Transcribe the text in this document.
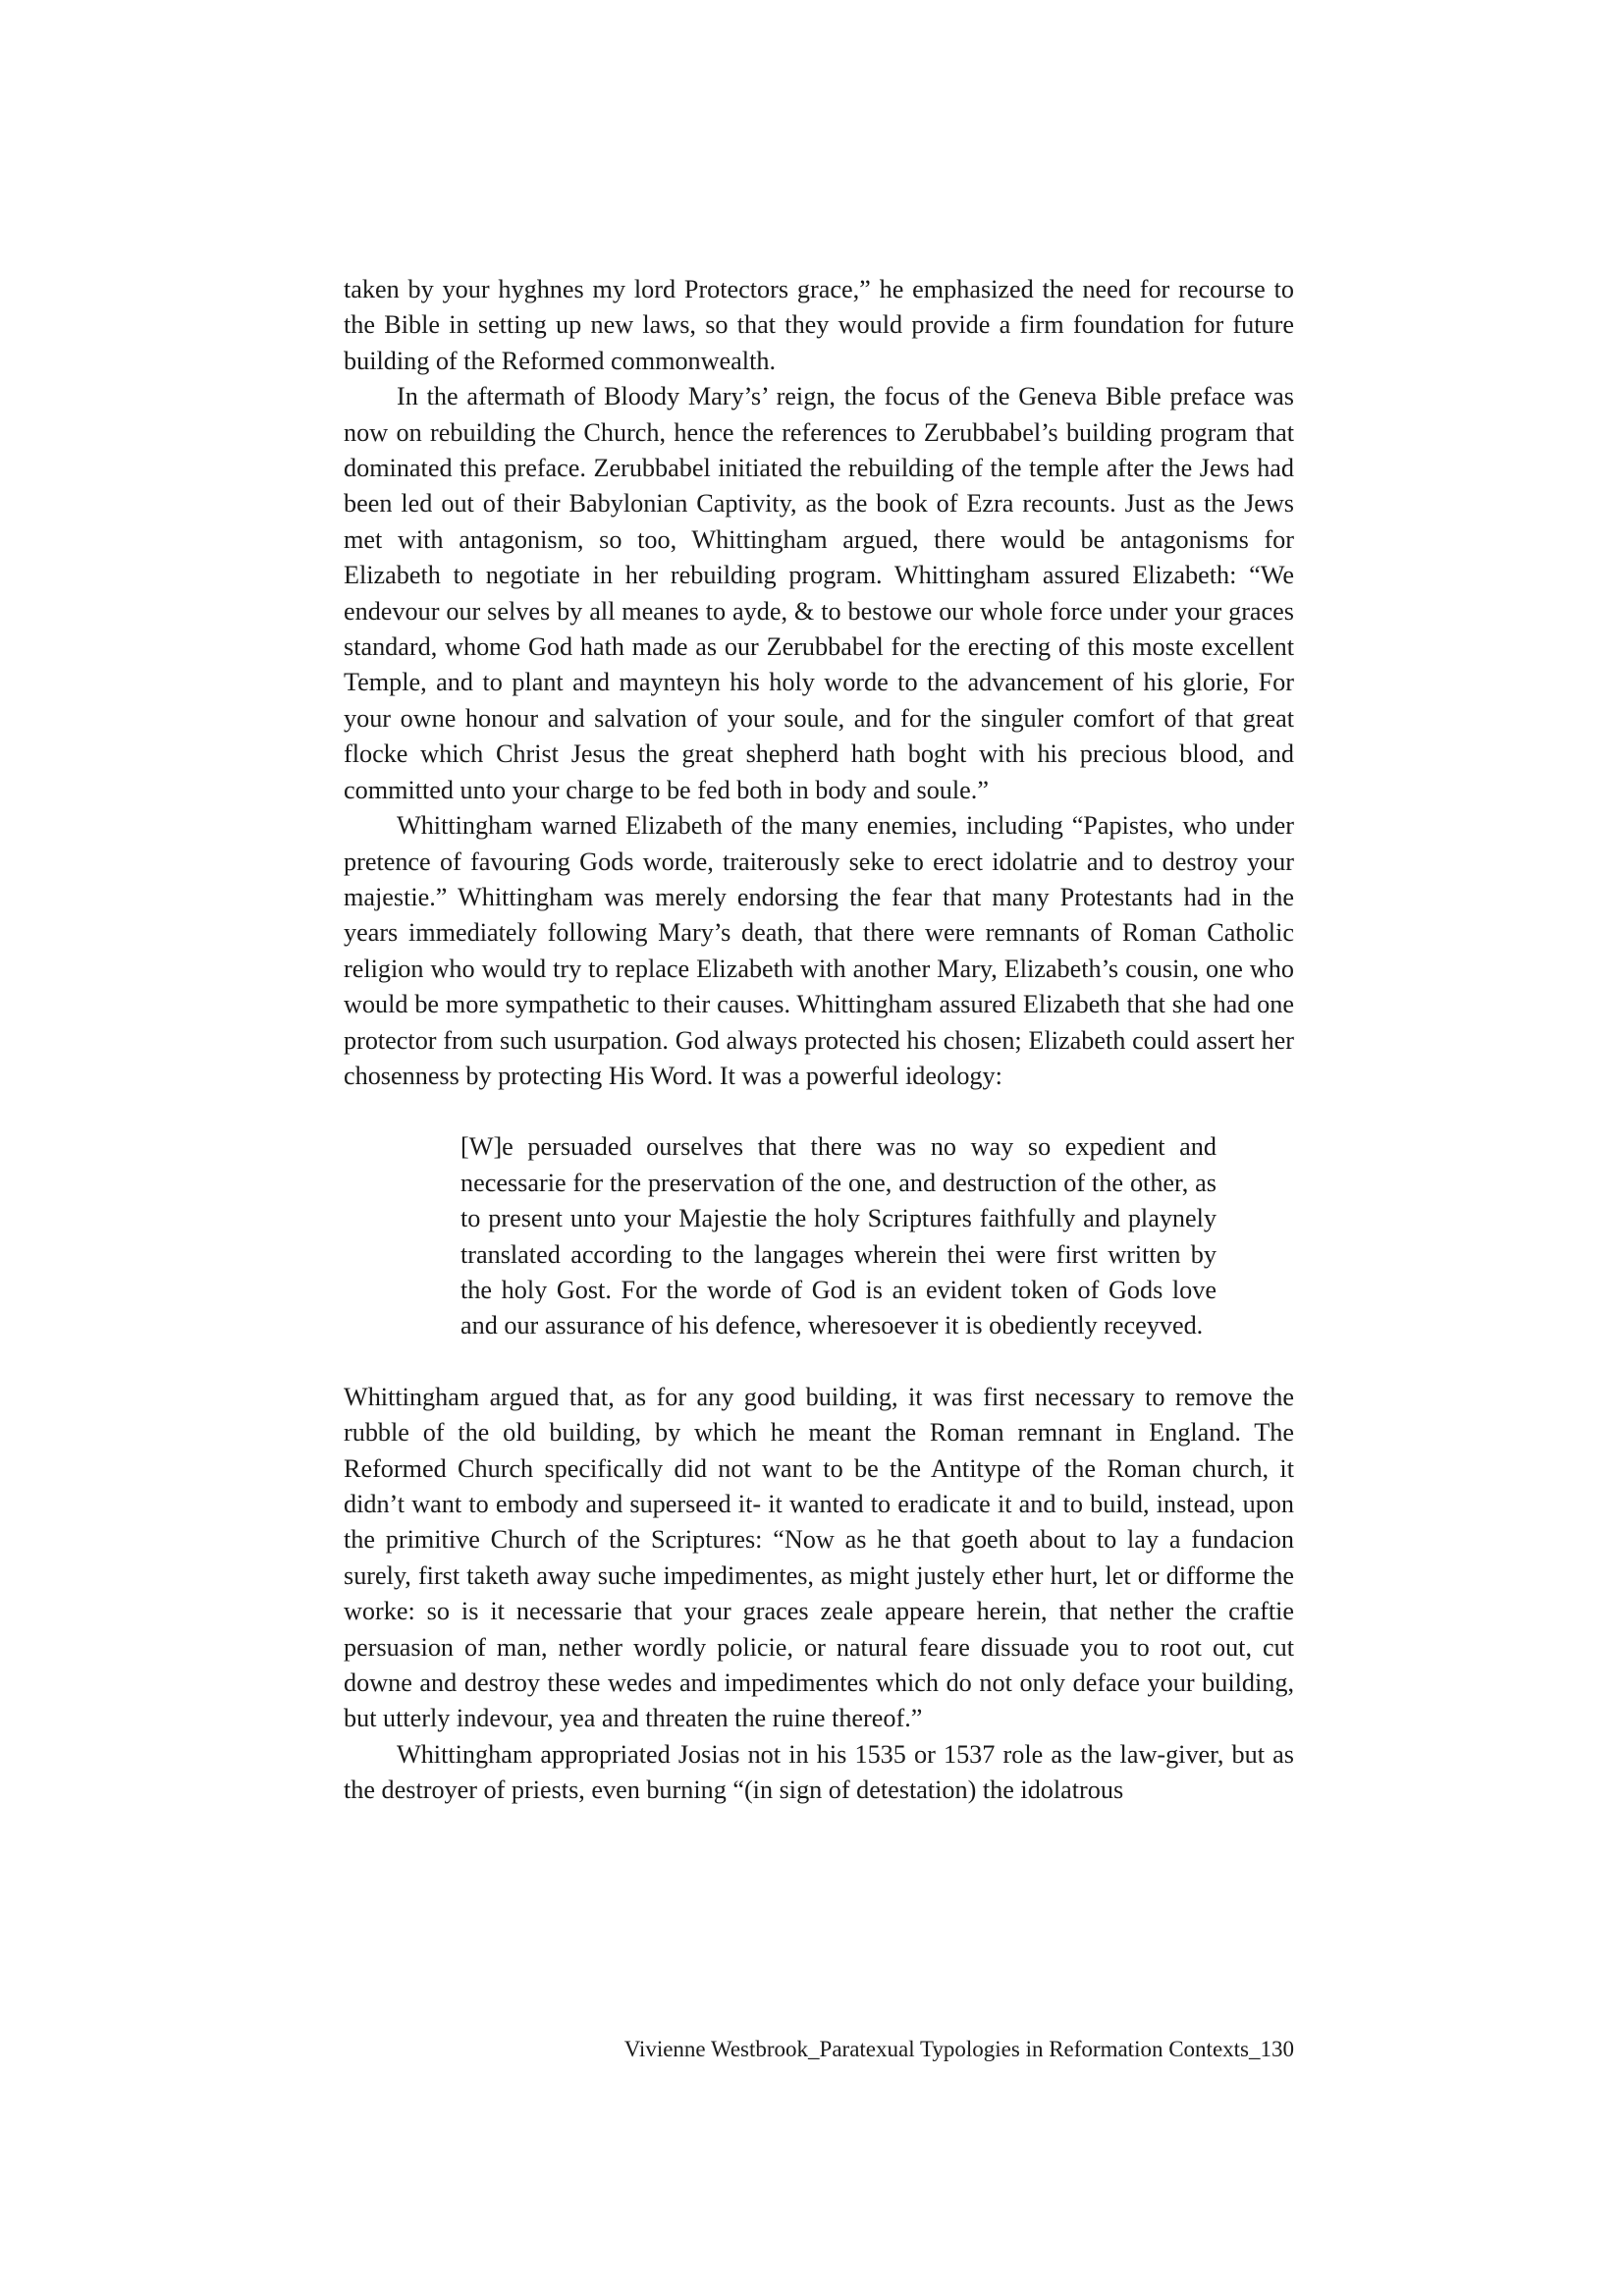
taken by your hyghnes my lord Protectors grace,” he emphasized the need for recourse to the Bible in setting up new laws, so that they would provide a firm foundation for future building of the Reformed commonwealth.

In the aftermath of Bloody Mary’s’ reign, the focus of the Geneva Bible preface was now on rebuilding the Church, hence the references to Zerubbabel’s building program that dominated this preface. Zerubbabel initiated the rebuilding of the temple after the Jews had been led out of their Babylonian Captivity, as the book of Ezra recounts. Just as the Jews met with antagonism, so too, Whittingham argued, there would be antagonisms for Elizabeth to negotiate in her rebuilding program. Whittingham assured Elizabeth: “We endevour our selves by all meanes to ayde, & to bestowe our whole force under your graces standard, whome God hath made as our Zerubbabel for the erecting of this moste excellent Temple, and to plant and maynteyn his holy worde to the advancement of his glorie, For your owne honour and salvation of your soule, and for the singuler comfort of that great flocke which Christ Jesus the great shepherd hath boght with his precious blood, and committed unto your charge to be fed both in body and soule.”

Whittingham warned Elizabeth of the many enemies, including “Papistes, who under pretence of favouring Gods worde, traiterously seke to erect idolatrie and to destroy your majestie.” Whittingham was merely endorsing the fear that many Protestants had in the years immediately following Mary’s death, that there were remnants of Roman Catholic religion who would try to replace Elizabeth with another Mary, Elizabeth’s cousin, one who would be more sympathetic to their causes. Whittingham assured Elizabeth that she had one protector from such usurpation. God always protected his chosen; Elizabeth could assert her chosenness by protecting His Word. It was a powerful ideology:

[W]e persuaded ourselves that there was no way so expedient and necessarie for the preservation of the one, and destruction of the other, as to present unto your Majestie the holy Scriptures faithfully and playnely translated according to the langages wherein thei were first written by the holy Gost. For the worde of God is an evident token of Gods love and our assurance of his defence, wheresoever it is obediently receyved.

Whittingham argued that, as for any good building, it was first necessary to remove the rubble of the old building, by which he meant the Roman remnant in England. The Reformed Church specifically did not want to be the Antitype of the Roman church, it didn’t want to embody and superseed it- it wanted to eradicate it and to build, instead, upon the primitive Church of the Scriptures: “Now as he that goeth about to lay a fundacion surely, first taketh away suche impedimentes, as might justely ether hurt, let or difforme the worke: so is it necessarie that your graces zeale appeare herein, that nether the craftie persuasion of man, nether wordly policie, or natural feare dissuade you to root out, cut downe and destroy these wedes and impedimentes which do not only deface your building, but utterly indevour, yea and threaten the ruine thereof.”

Whittingham appropriated Josias not in his 1535 or 1537 role as the law-giver, but as the destroyer of priests, even burning “(in sign of detestation) the idolatrous

Vivienne Westbrook_Paratexual Typologies in Reformation Contexts_130
